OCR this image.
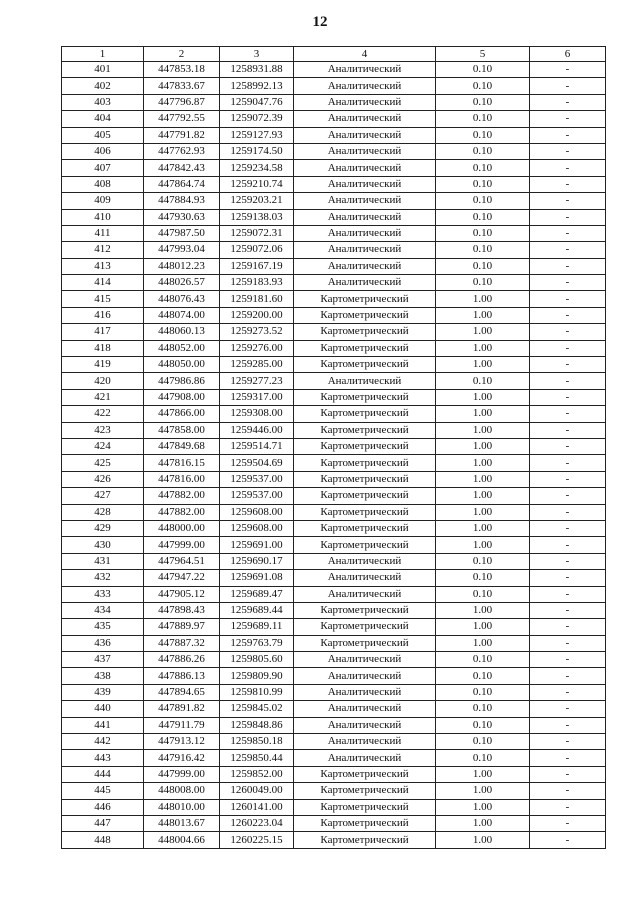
12
1	2	3	4	5	6
401	447853.18	1258931.88	Аналитический	0.10	-
402	447833.67	1258992.13	Аналитический	0.10	-
403	447796.87	1259047.76	Аналитический	0.10	-
404	447792.55	1259072.39	Аналитический	0.10	-
405	447791.82	1259127.93	Аналитический	0.10	-
406	447762.93	1259174.50	Аналитический	0.10	-
407	447842.43	1259234.58	Аналитический	0.10	-
408	447864.74	1259210.74	Аналитический	0.10	-
409	447884.93	1259203.21	Аналитический	0.10	-
410	447930.63	1259138.03	Аналитический	0.10	-
411	447987.50	1259072.31	Аналитический	0.10	-
412	447993.04	1259072.06	Аналитический	0.10	-
413	448012.23	1259167.19	Аналитический	0.10	-
414	448026.57	1259183.93	Аналитический	0.10	-
415	448076.43	1259181.60	Картометрический	1.00	-
416	448074.00	1259200.00	Картометрический	1.00	-
417	448060.13	1259273.52	Картометрический	1.00	-
418	448052.00	1259276.00	Картометрический	1.00	-
419	448050.00	1259285.00	Картометрический	1.00	-
420	447986.86	1259277.23	Аналитический	0.10	-
421	447908.00	1259317.00	Картометрический	1.00	-
422	447866.00	1259308.00	Картометрический	1.00	-
423	447858.00	1259446.00	Картометрический	1.00	-
424	447849.68	1259514.71	Картометрический	1.00	-
425	447816.15	1259504.69	Картометрический	1.00	-
426	447816.00	1259537.00	Картометрический	1.00	-
427	447882.00	1259537.00	Картометрический	1.00	-
428	447882.00	1259608.00	Картометрический	1.00	-
429	448000.00	1259608.00	Картометрический	1.00	-
430	447999.00	1259691.00	Картометрический	1.00	-
431	447964.51	1259690.17	Аналитический	0.10	-
432	447947.22	1259691.08	Аналитический	0.10	-
433	447905.12	1259689.47	Аналитический	0.10	-
434	447898.43	1259689.44	Картометрический	1.00	-
435	447889.97	1259689.11	Картометрический	1.00	-
436	447887.32	1259763.79	Картометрический	1.00	-
437	447886.26	1259805.60	Аналитический	0.10	-
438	447886.13	1259809.90	Аналитический	0.10	-
439	447894.65	1259810.99	Аналитический	0.10	-
440	447891.82	1259845.02	Аналитический	0.10	-
441	447911.79	1259848.86	Аналитический	0.10	-
442	447913.12	1259850.18	Аналитический	0.10	-
443	447916.42	1259850.44	Аналитический	0.10	-
444	447999.00	1259852.00	Картометрический	1.00	-
445	448008.00	1260049.00	Картометрический	1.00	-
446	448010.00	1260141.00	Картометрический	1.00	-
447	448013.67	1260223.04	Картометрический	1.00	-
448	448004.66	1260225.15	Картометрический	1.00	-
